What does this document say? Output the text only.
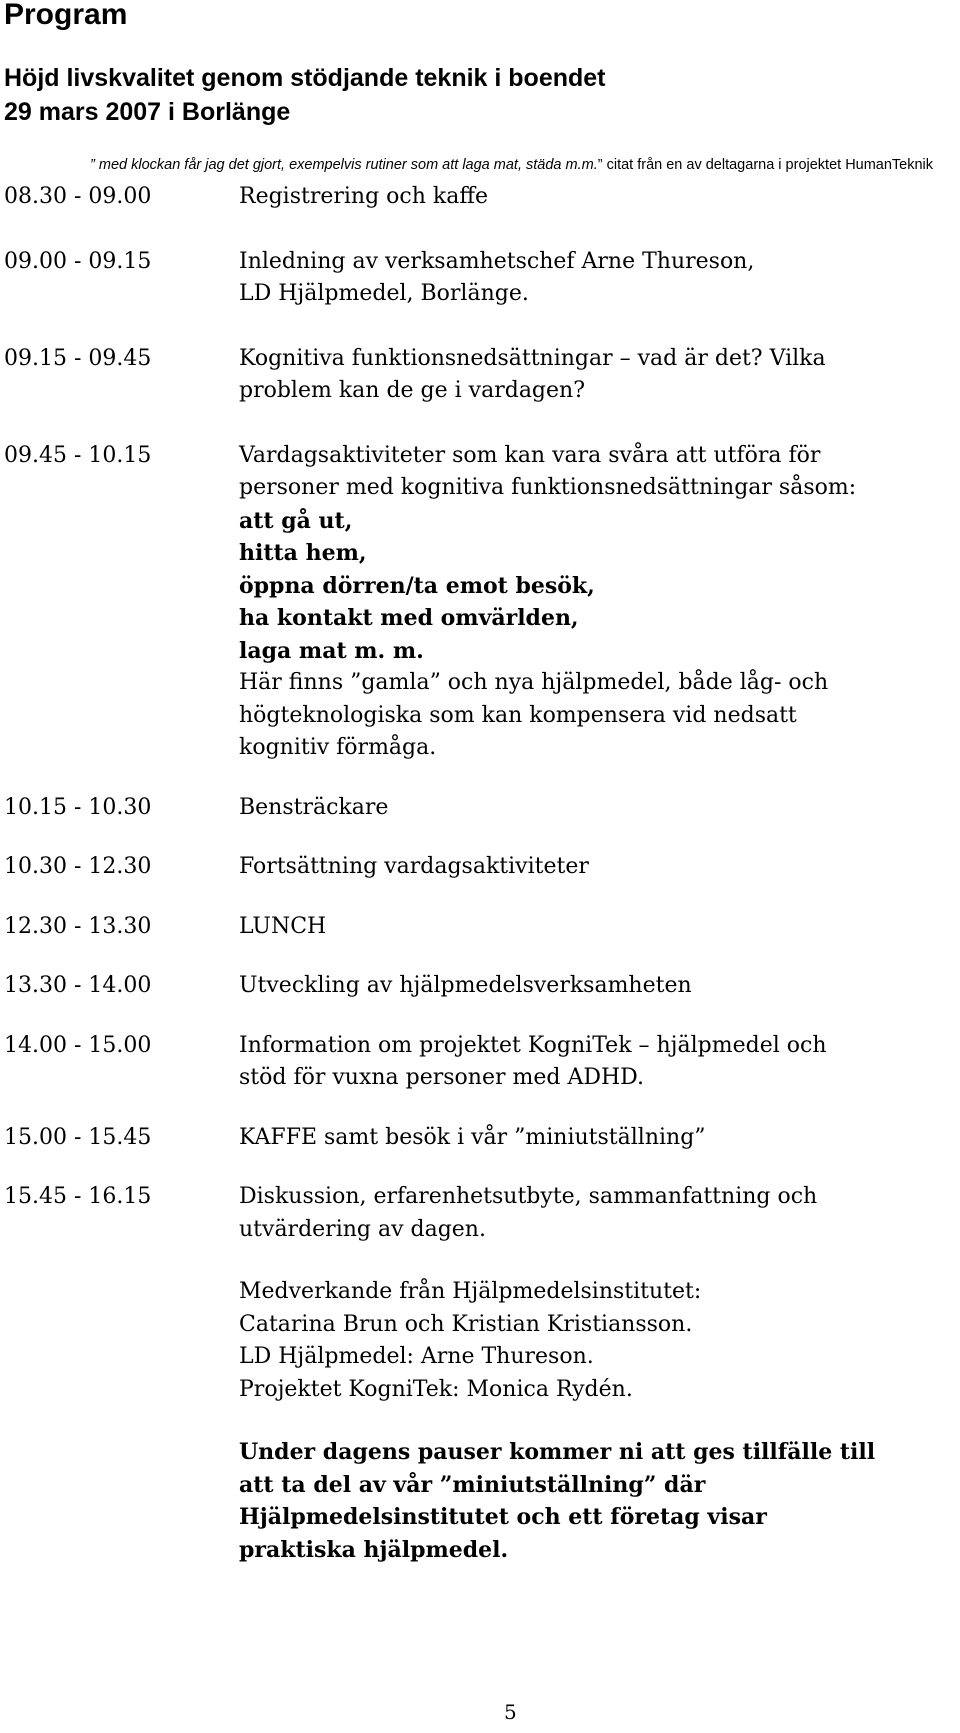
Program
Höjd livskvalitet genom stödjande teknik i boendet
29 mars 2007 i Borlänge
” med klockan får jag det gjort, exempelvis rutiner som att laga mat, städa m.m.” citat från en av deltagarna i projektet HumanTeknik
08.30 - 09.00	Registrering och kaffe
09.00 - 09.15	Inledning av verksamhetschef Arne Thureson,
LD Hjälpmedel, Borlänge.
09.15 - 09.45	Kognitiva funktionsnedsättningar – vad är det? Vilka
problem kan de ge i vardagen?
09.45 - 10.15	Vardagsaktiviteter som kan vara svåra att utföra för
personer med kognitiva funktionsnedsättningar såsom:
att gå ut,
hitta hem,
öppna dörren/ta emot besök,
ha kontakt med omvärlden,
laga mat m. m.
Här finns ”gamla” och nya hjälpmedel, både låg- och
högteknologiska som kan kompensera vid nedsatt
kognitiv förmåga.
10.15 - 10.30	Bensträckare
10.30 - 12.30	Fortsättning vardagsaktiviteter
12.30 - 13.30	LUNCH
13.30 - 14.00	Utveckling av hjälpmedelsverksamheten
14.00 - 15.00	Information om projektet KogniTek – hjälpmedel och
stöd för vuxna personer med ADHD.
15.00 - 15.45	KAFFE samt besök i vår ”miniutställning”
15.45 - 16.15	Diskussion, erfarenhetsutbyte, sammanfattning och
utvärdering av dagen.
Medverkande från Hjälpmedelsinstitutet:
Catarina Brun och Kristian Kristiansson.
LD Hjälpmedel: Arne Thureson.
Projektet KogniTek: Monica Rydén.
Under dagens pauser kommer ni att ges tillfälle till
att ta del av vår ”miniutställning” där
Hjälpmedelsinstitutet och ett företag visar
praktiska hjälpmedel.
5
